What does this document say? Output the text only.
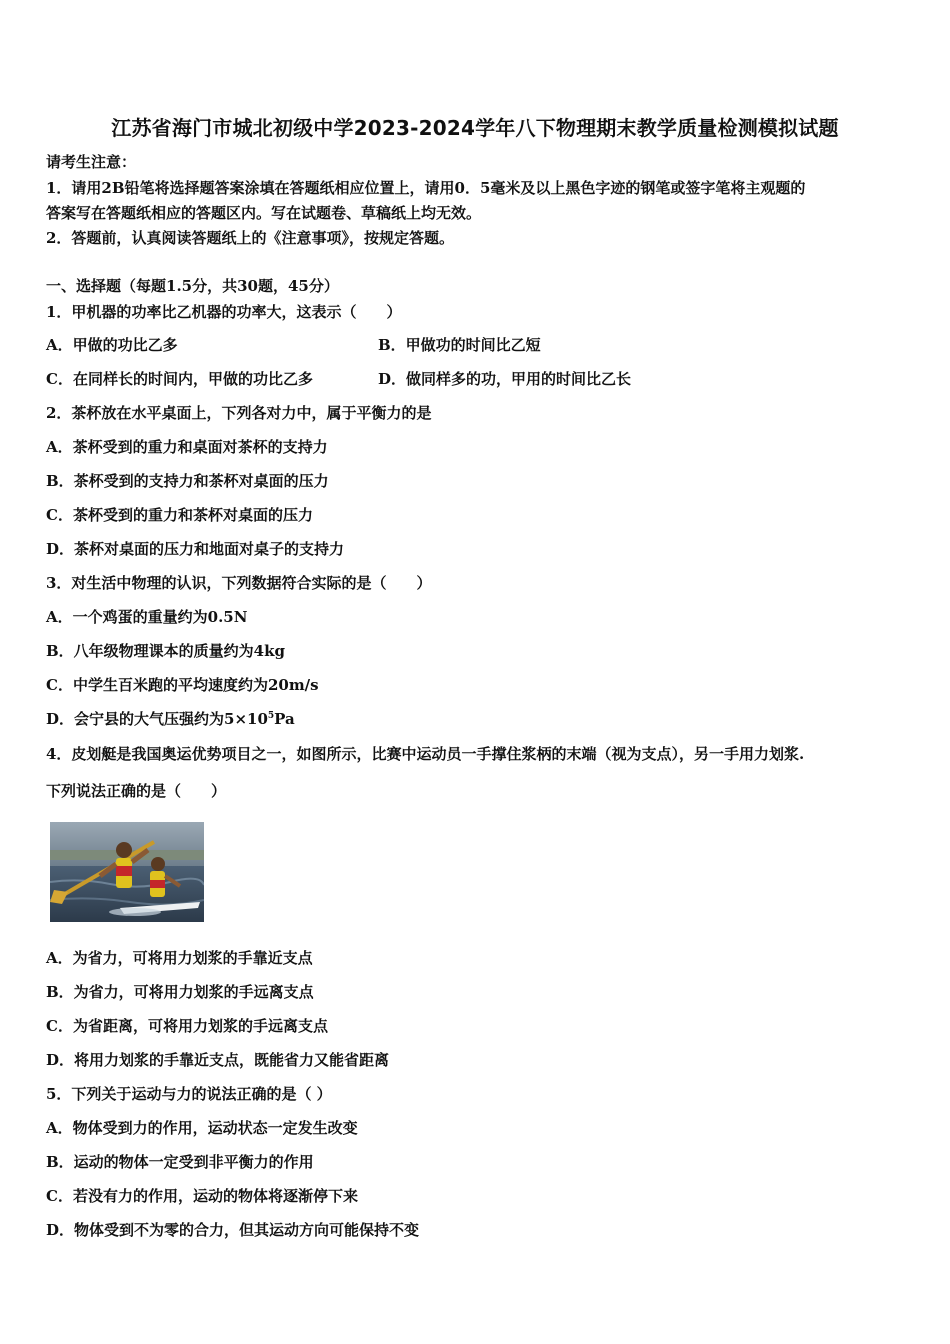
江苏省海门市城北初级中学2023-2024学年八下物理期末教学质量检测模拟试题
请考生注意：
1．请用2B铅笔将选择题答案涂填在答题纸相应位置上，请用0．5毫米及以上黑色字迹的钢笔或签字笔将主观题的
答案写在答题纸相应的答题区内。写在试题卷、草稿纸上均无效。
2．答题前，认真阅读答题纸上的《注意事项》，按规定答题。
一、选择题（每题1.5分，共30题，45分）
1．甲机器的功率比乙机器的功率大，这表示（　　）
A．甲做的功比乙多	B．甲做功的时间比乙短
C．在同样长的时间内，甲做的功比乙多	D．做同样多的功，甲用的时间比乙长
2．茶杯放在水平桌面上，下列各对力中，属于平衡力的是
A．茶杯受到的重力和桌面对茶杯的支持力
B．茶杯受到的支持力和茶杯对桌面的压力
C．茶杯受到的重力和茶杯对桌面的压力
D．茶杯对桌面的压力和地面对桌子的支持力
3．对生活中物理的认识，下列数据符合实际的是（　　）
A．一个鸡蛋的重量约为0.5N
B．八年级物理课本的质量约为4kg
C．中学生百米跑的平均速度约为20m/s
D．会宁县的大气压强约为$5\times 10^5Pa$
4．皮划艇是我国奥运优势项目之一，如图所示，比赛中运动员一手撑住浆柄的末端（视为支点），另一手用力划浆.
下列说法正确的是（　　）
A．为省力，可将用力划浆的手靠近支点
B．为省力，可将用力划浆的手远离支点
C．为省距离，可将用力划浆的手远离支点
D．将用力划浆的手靠近支点，既能省力又能省距离
5．下列关于运动与力的说法正确的是（ ）
A．物体受到力的作用，运动状态一定发生改变
B．运动的物体一定受到非平衡力的作用
C．若没有力的作用，运动的物体将逐渐停下来
D．物体受到不为零的合力，但其运动方向可能保持不变
